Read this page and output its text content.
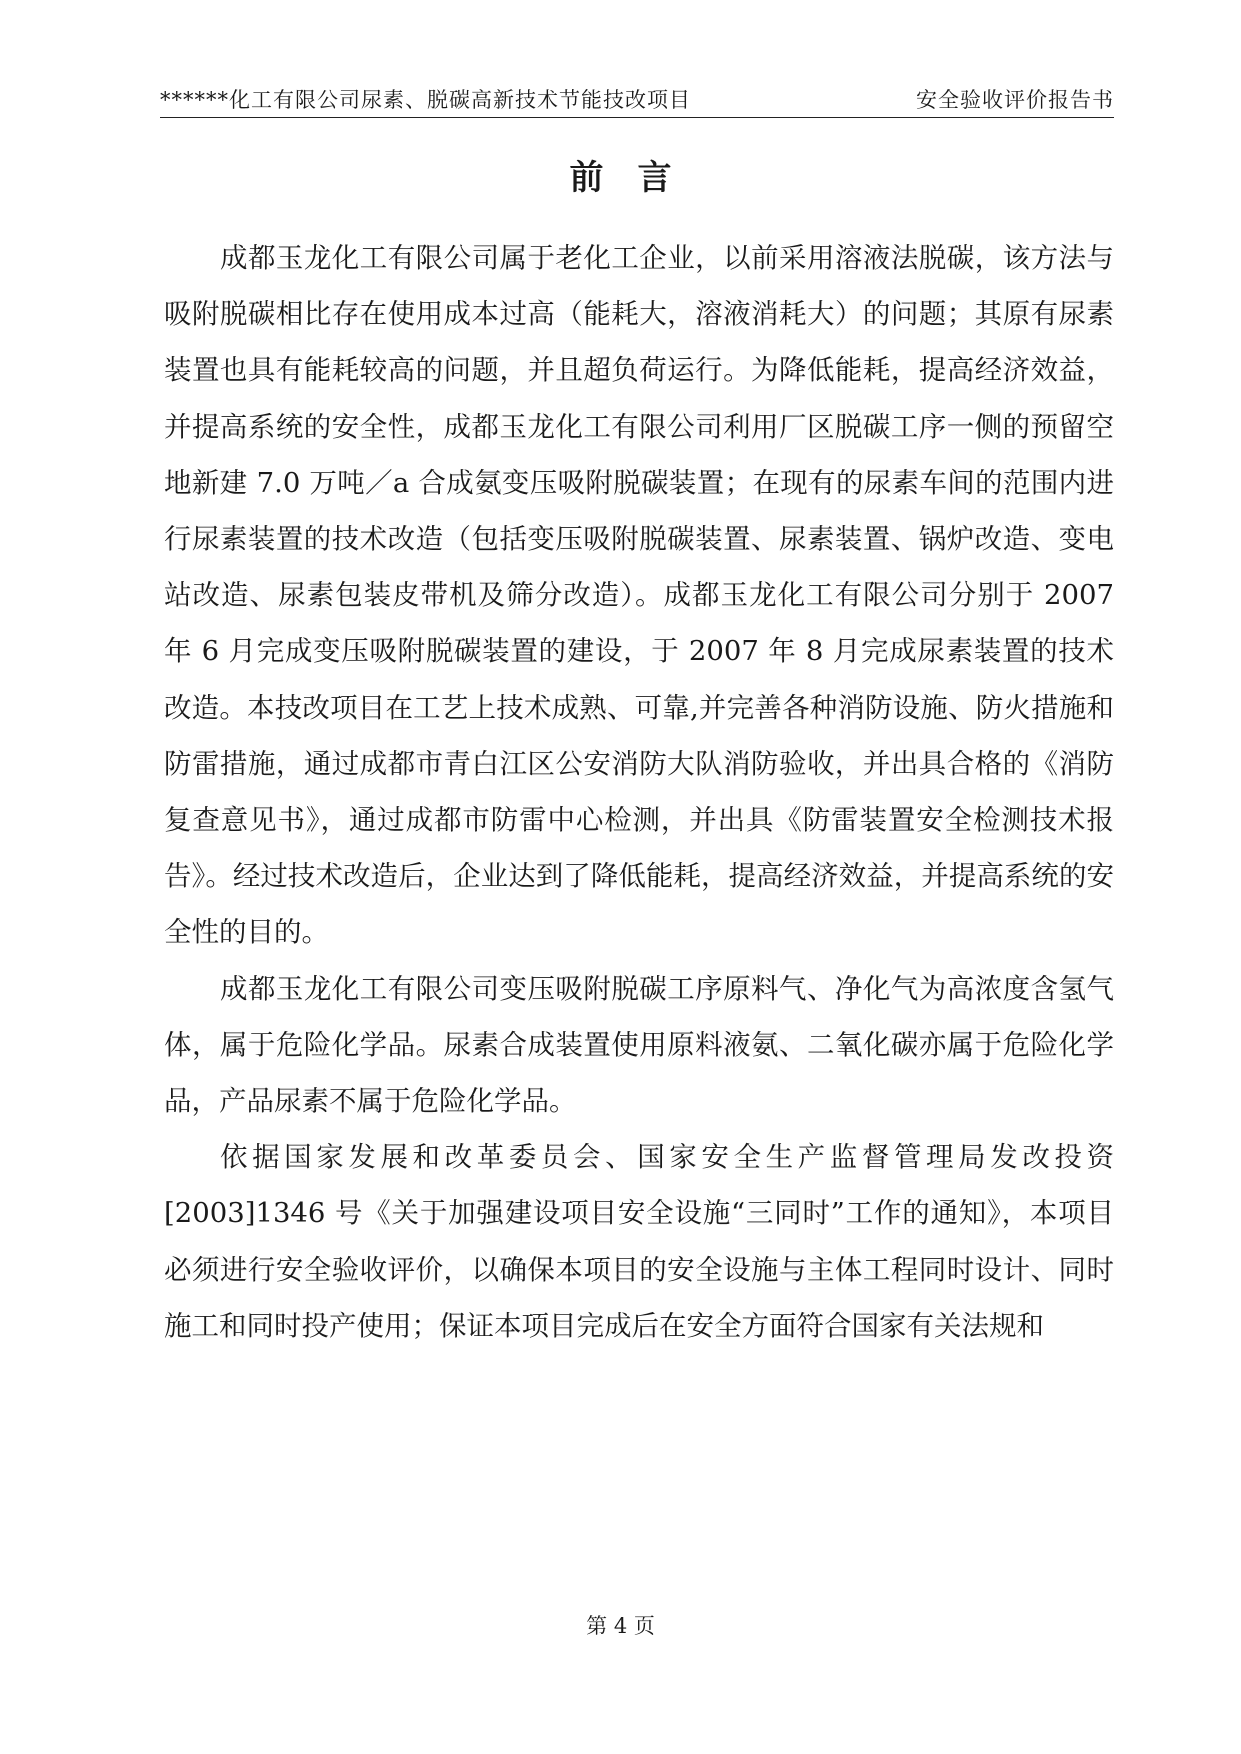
******化工有限公司尿素、脱碳高新技术节能技改项目	安全验收评价报告书
前言

成都玉龙化工有限公司属于老化工企业，以前采用溶液法脱碳，该方法与吸附脱碳相比存在使用成本过高（能耗大，溶液消耗大）的问题；其原有尿素装置也具有能耗较高的问题，并且超负荷运行。为降低能耗，提高经济效益，并提高系统的安全性，成都玉龙化工有限公司利用厂区脱碳工序一侧的预留空地新建 7.0 万吨／a 合成氨变压吸附脱碳装置；在现有的尿素车间的范围内进行尿素装置的技术改造（包括变压吸附脱碳装置、尿素装置、锅炉改造、变电站改造、尿素包装皮带机及筛分改造）。成都玉龙化工有限公司分别于 2007 年 6 月完成变压吸附脱碳装置的建设，于 2007 年 8 月完成尿素装置的技术改造。本技改项目在工艺上技术成熟、可靠,并完善各种消防设施、防火措施和防雷措施，通过成都市青白江区公安消防大队消防验收，并出具合格的《消防复查意见书》，通过成都市防雷中心检测，并出具《防雷装置安全检测技术报告》。经过技术改造后，企业达到了降低能耗，提高经济效益，并提高系统的安全性的目的。

成都玉龙化工有限公司变压吸附脱碳工序原料气、净化气为高浓度含氢气体，属于危险化学品。尿素合成装置使用原料液氨、二氧化碳亦属于危险化学品，产品尿素不属于危险化学品。

依据国家发展和改革委员会、国家安全生产监督管理局发改投资[2003]1346 号《关于加强建设项目安全设施“三同时”工作的通知》，本项目必须进行安全验收评价，以确保本项目的安全设施与主体工程同时设计、同时施工和同时投产使用；保证本项目完成后在安全方面符合国家有关法规和

第 4 页
